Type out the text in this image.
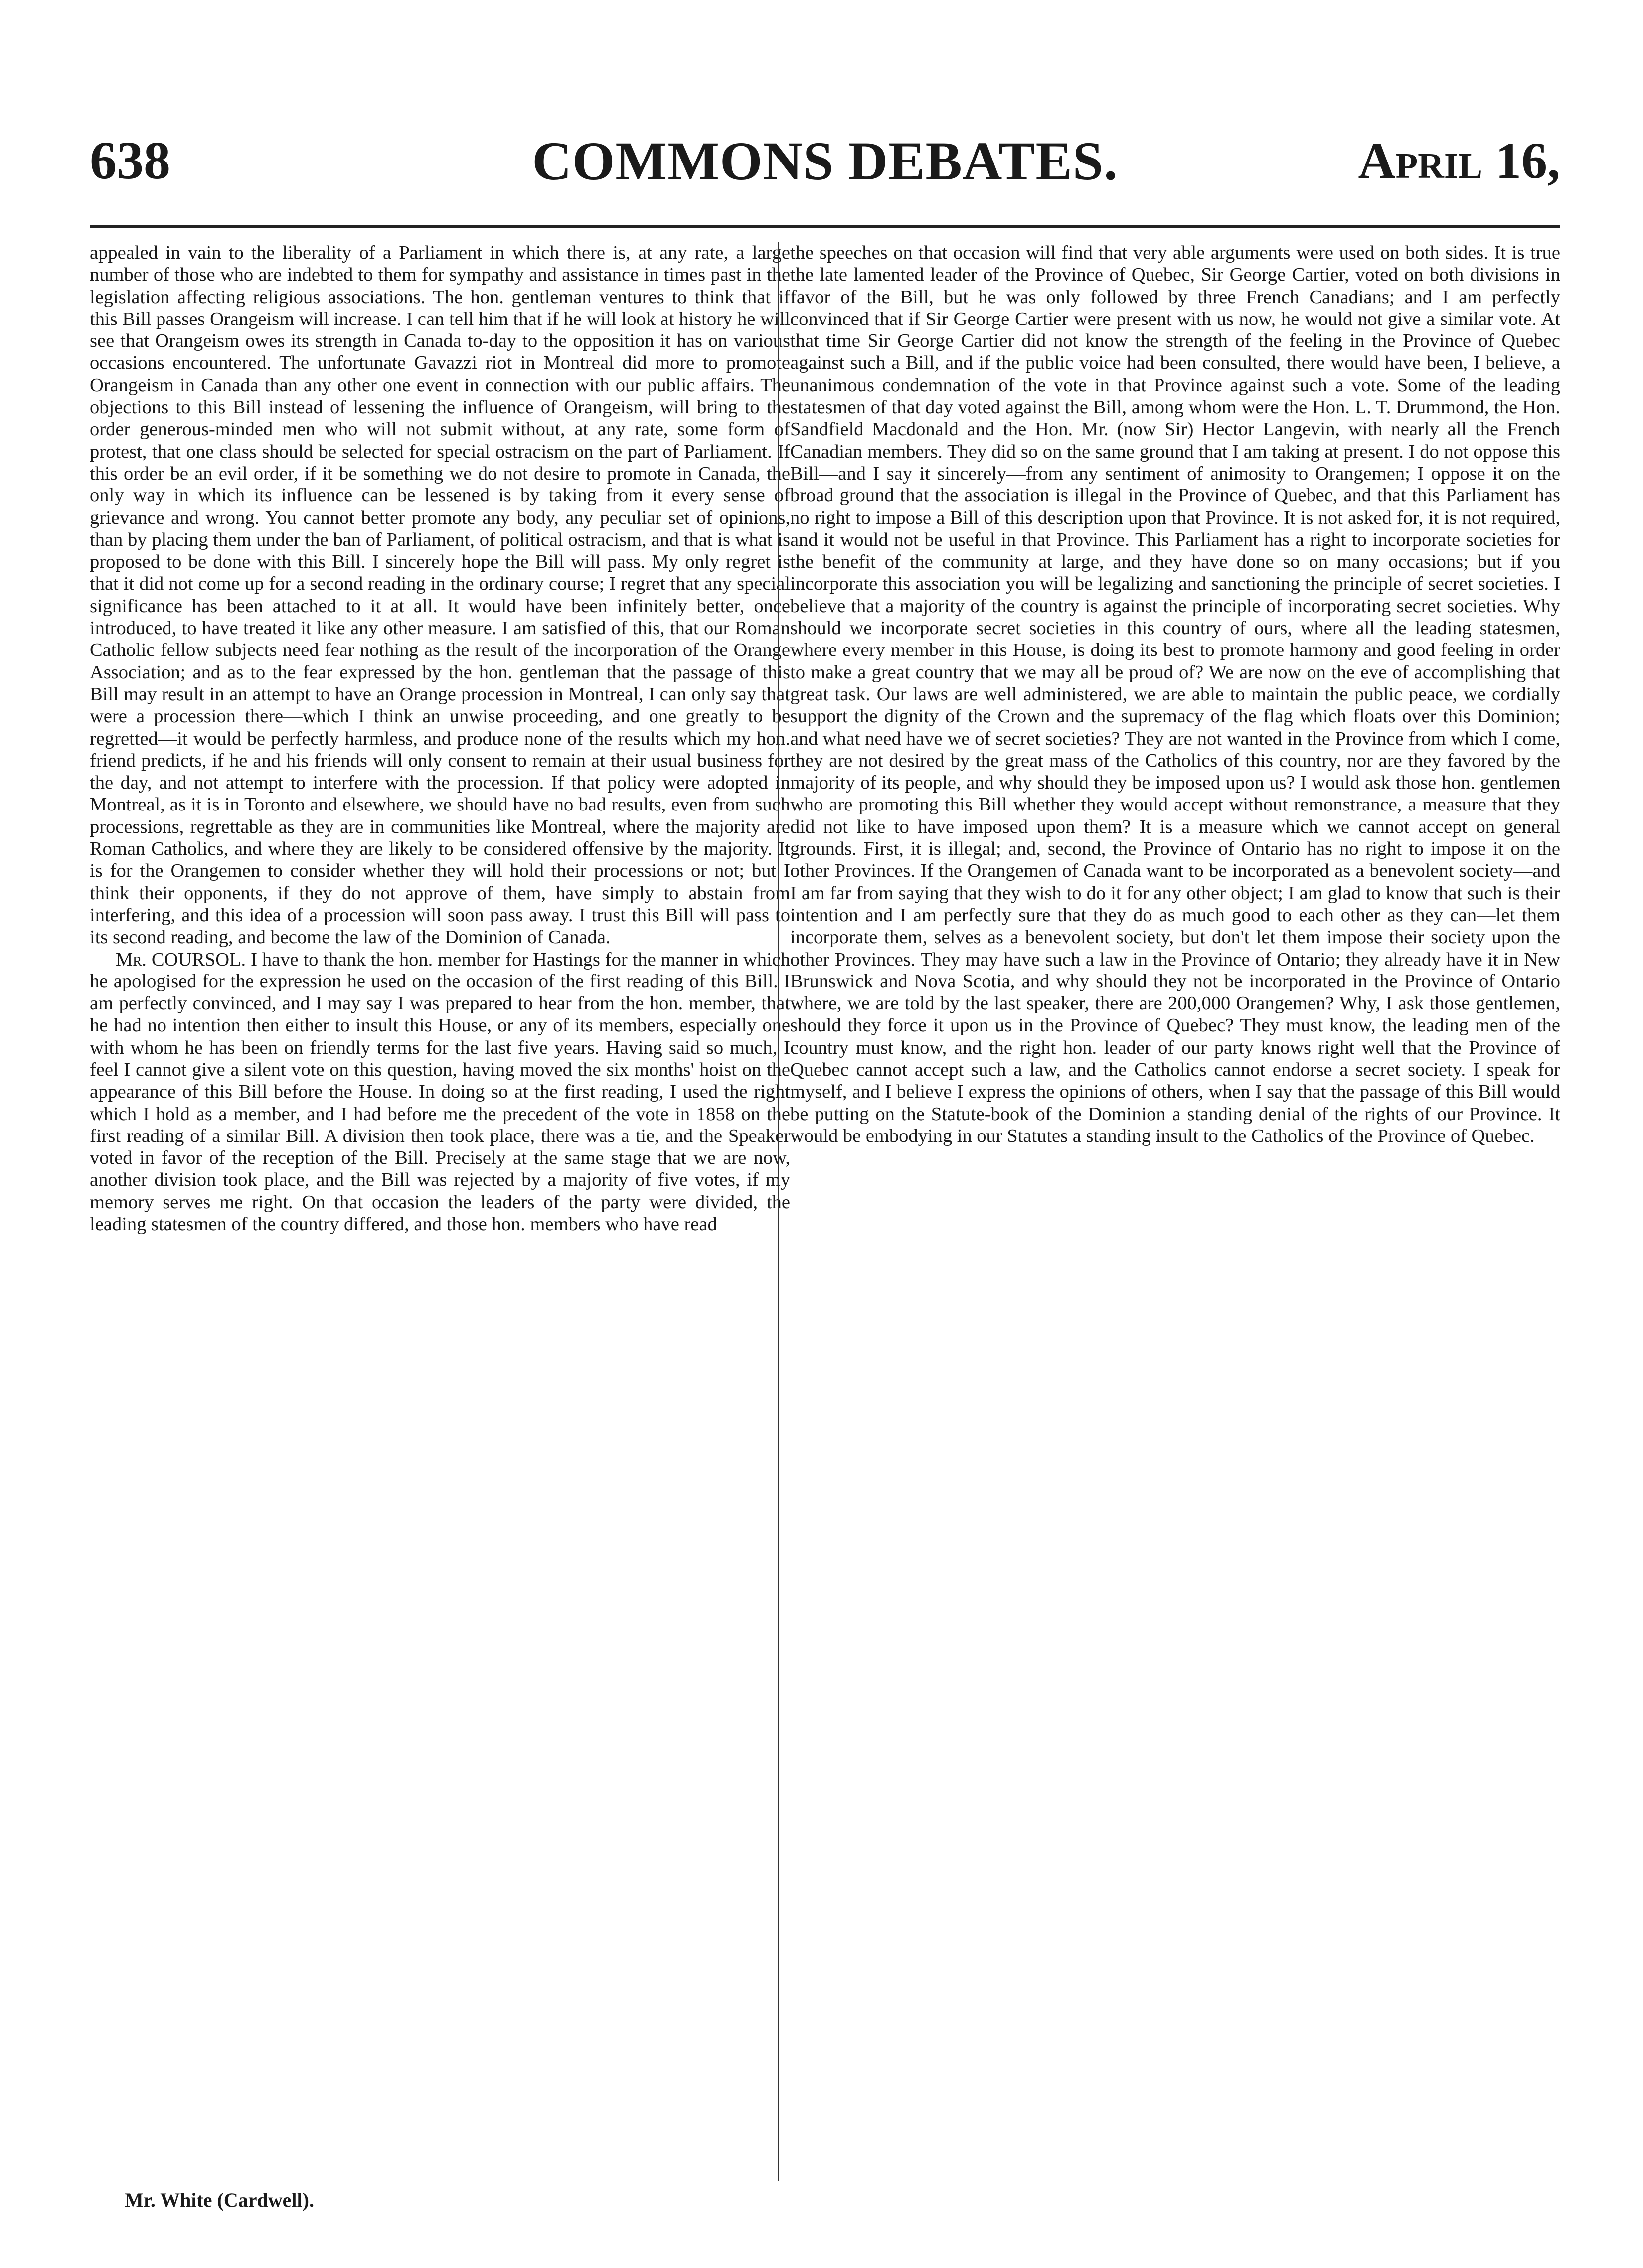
638	COMMONS DEBATES.	April 16,

appealed in vain to the liberality of a Parliament in which there is, at any rate, a large number of those who are indebted to them for sympathy and assistance in times past in the legislation affecting religious associations. The hon. gentleman ventures to think that if this Bill passes Orangeism will increase. I can tell him that if he will look at history he will see that Orangeism owes its strength in Canada to-day to the opposition it has on various occasions encountered. The unfortunate Gavazzi riot in Montreal did more to promote Orangeism in Canada than any other one event in connection with our public affairs. The objections to this Bill instead of lessening the influence of Orangeism, will bring to the order generous-minded men who will not submit without, at any rate, some form of protest, that one class should be selected for special ostracism on the part of Parliament. If this order be an evil order, if it be something we do not desire to promote in Canada, the only way in which its influence can be lessened is by taking from it every sense of grievance and wrong. You cannot better promote any body, any peculiar set of opinions, than by placing them under the ban of Parliament, of political ostracism, and that is what is proposed to be done with this Bill. I sincerely hope the Bill will pass. My only regret is that it did not come up for a second reading in the ordinary course; I regret that any special significance has been attached to it at all. It would have been infinitely better, once introduced, to have treated it like any other measure. I am satisfied of this, that our Roman Catholic fellow subjects need fear nothing as the result of the incorporation of the Orange Association; and as to the fear expressed by the hon. gentleman that the passage of this Bill may result in an attempt to have an Orange procession in Montreal, I can only say that were a procession there—which I think an unwise proceeding, and one greatly to be regretted—it would be perfectly harmless, and produce none of the results which my hon. friend predicts, if he and his friends will only consent to remain at their usual business for the day, and not attempt to interfere with the procession. If that policy were adopted in Montreal, as it is in Toronto and elsewhere, we should have no bad results, even from such processions, regrettable as they are in communities like Montreal, where the majority are Roman Catholics, and where they are likely to be considered offensive by the majority. It is for the Orangemen to consider whether they will hold their processions or not; but I think their opponents, if they do not approve of them, have simply to abstain from interfering, and this idea of a procession will soon pass away. I trust this Bill will pass to its second reading, and become the law of the Dominion of Canada.

Mr. COURSOL. I have to thank the hon. member for Hastings for the manner in which he apologised for the expression he used on the occasion of the first reading of this Bill. I am perfectly convinced, and I may say I was prepared to hear from the hon. member, that he had no intention then either to insult this House, or any of its members, especially one with whom he has been on friendly terms for the last five years. Having said so much, I feel I cannot give a silent vote on this question, having moved the six months' hoist on the appearance of this Bill before the House. In doing so at the first reading, I used the right which I hold as a member, and I had before me the precedent of the vote in 1858 on the first reading of a similar Bill. A division then took place, there was a tie, and the Speaker voted in favor of the reception of the Bill. Precisely at the same stage that we are now, another division took place, and the Bill was rejected by a majority of five votes, if my memory serves me right. On that occasion the leaders of the party were divided, the leading statesmen of the country differed, and those hon. members who have read

the speeches on that occasion will find that very able arguments were used on both sides. It is true the late lamented leader of the Province of Quebec, Sir George Cartier, voted on both divisions in favor of the Bill, but he was only followed by three French Canadians; and I am perfectly convinced that if Sir George Cartier were present with us now, he would not give a similar vote. At that time Sir George Cartier did not know the strength of the feeling in the Province of Quebec against such a Bill, and if the public voice had been consulted, there would have been, I believe, a unanimous condemnation of the vote in that Province against such a vote. Some of the leading statesmen of that day voted against the Bill, among whom were the Hon. L. T. Drummond, the Hon. Sandfield Macdonald and the Hon. Mr. (now Sir) Hector Langevin, with nearly all the French Canadian members. They did so on the same ground that I am taking at present. I do not oppose this Bill—and I say it sincerely—from any sentiment of animosity to Orangemen; I oppose it on the broad ground that the association is illegal in the Province of Quebec, and that this Parliament has no right to impose a Bill of this description upon that Province. It is not asked for, it is not required, and it would not be useful in that Province. This Parliament has a right to incorporate societies for the benefit of the community at large, and they have done so on many occasions; but if you incorporate this association you will be legalizing and sanctioning the principle of secret societies. I believe that a majority of the country is against the principle of incorporating secret societies. Why should we incorporate secret societies in this country of ours, where all the leading statesmen, where every member in this House, is doing its best to promote harmony and good feeling in order to make a great country that we may all be proud of? We are now on the eve of accomplishing that great task. Our laws are well administered, we are able to maintain the public peace, we cordially support the dignity of the Crown and the supremacy of the flag which floats over this Dominion; and what need have we of secret societies? They are not wanted in the Province from which I come, they are not desired by the great mass of the Catholics of this country, nor are they favored by the majority of its people, and why should they be imposed upon us? I would ask those hon. gentlemen who are promoting this Bill whether they would accept without remonstrance, a measure that they did not like to have imposed upon them? It is a measure which we cannot accept on general grounds. First, it is illegal; and, second, the Province of Ontario has no right to impose it on the other Provinces. If the Orangemen of Canada want to be incorporated as a benevolent society—and I am far from saying that they wish to do it for any other object; I am glad to know that such is their intention and I am perfectly sure that they do as much good to each other as they can—let them incorporate them, selves as a benevolent society, but don't let them impose their society upon the other Provinces. They may have such a law in the Province of Ontario; they already have it in New Brunswick and Nova Scotia, and why should they not be incorporated in the Province of Ontario where, we are told by the last speaker, there are 200,000 Orangemen? Why, I ask those gentlemen, should they force it upon us in the Province of Quebec? They must know, the leading men of the country must know, and the right hon. leader of our party knows right well that the Province of Quebec cannot accept such a law, and the Catholics cannot endorse a secret society. I speak for myself, and I believe I express the opinions of others, when I say that the passage of this Bill would be putting on the Statute-book of the Dominion a standing denial of the rights of our Province. It would be embodying in our Statutes a standing insult to the Catholics of the Province of Quebec.

Mr. White (Cardwell).
